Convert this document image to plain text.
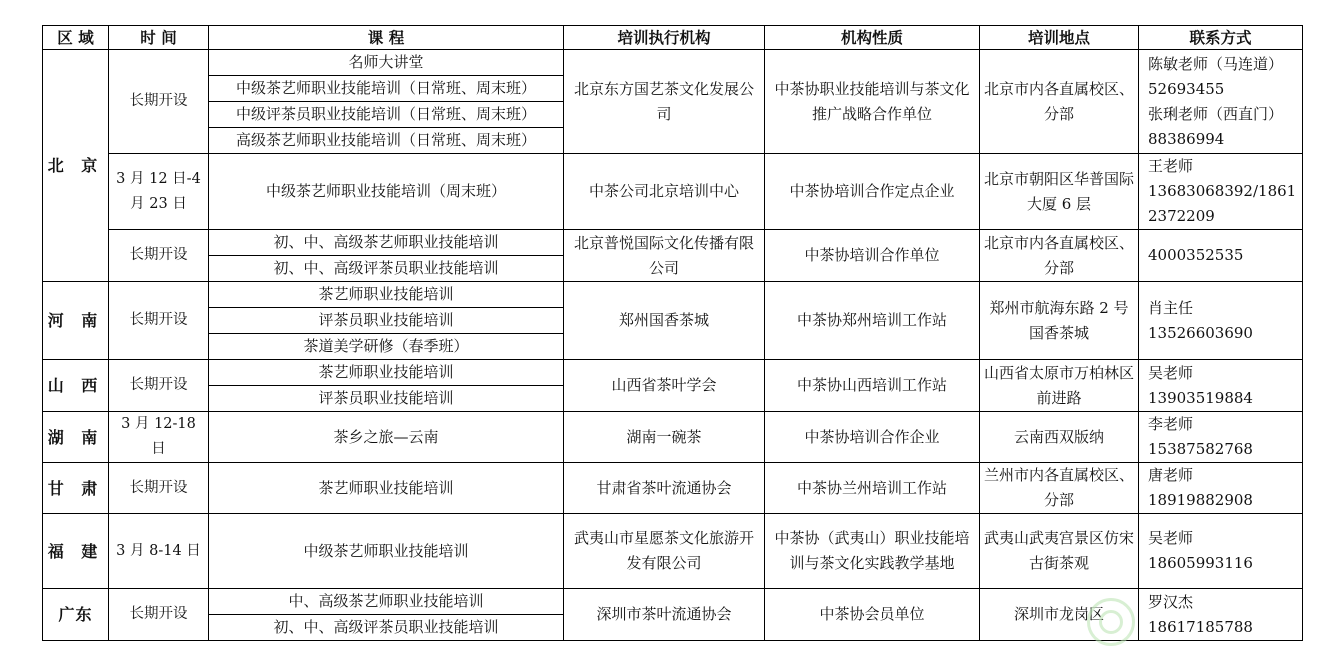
区 域	时 间	课 程	培训执行机构	机构性质	培训地点	联系方式
北 京	长期开设	名师大讲堂	北京东方国艺茶文化发展公司	中茶协职业技能培训与茶文化推广战略合作单位	北京市内各直属校区、分部	陈敏老师（马连道）
52693455
张琍老师（西直门）
88386994

		中级茶艺师职业技能培训（日常班、周末班）				
		中级评茶员职业技能培训（日常班、周末班）				
		高级茶艺师职业技能培训（日常班、周末班）				
	3 月 12 日-4 月 23 日	中级茶艺师职业技能培训（周末班）	中茶公司北京培训中心	中茶协培训合作定点企业	北京市朝阳区华普国际大厦 6 层	王老师
13683068392/1861
2372209

	长期开设	初、中、高级茶艺师职业技能培训	北京普悦国际文化传播有限公司	中茶协培训合作单位	北京市内各直属校区、分部	4000352535
		初、中、高级评茶员职业技能培训				
河 南	长期开设	茶艺师职业技能培训	郑州国香茶城	中茶协郑州培训工作站	郑州市航海东路 2 号国香茶城	肖主任
13526603690

		评茶员职业技能培训				
		茶道美学研修（春季班）				
山 西	长期开设	茶艺师职业技能培训	山西省茶叶学会	中茶协山西培训工作站	山西省太原市万柏林区前进路	吴老师
13903519884

		评茶员职业技能培训				
湖 南	3 月 12-18 日	茶乡之旅—云南	湖南一碗茶	中茶协培训合作企业	云南西双版纳	李老师
15387582768

甘 肃	长期开设	茶艺师职业技能培训	甘肃省茶叶流通协会	中茶协兰州培训工作站	兰州市内各直属校区、分部	唐老师
18919882908

福 建	3 月 8-14 日	中级茶艺师职业技能培训	武夷山市星愿茶文化旅游开发有限公司	中茶协（武夷山）职业技能培训与茶文化实践教学基地	武夷山武夷宫景区仿宋古街茶观	吴老师
18605993116

广东	长期开设	中、高级茶艺师职业技能培训	深圳市茶叶流通协会	中茶协会员单位	深圳市龙岗区	罗汉杰
18617185788

		初、中、高级评茶员职业技能培训				
